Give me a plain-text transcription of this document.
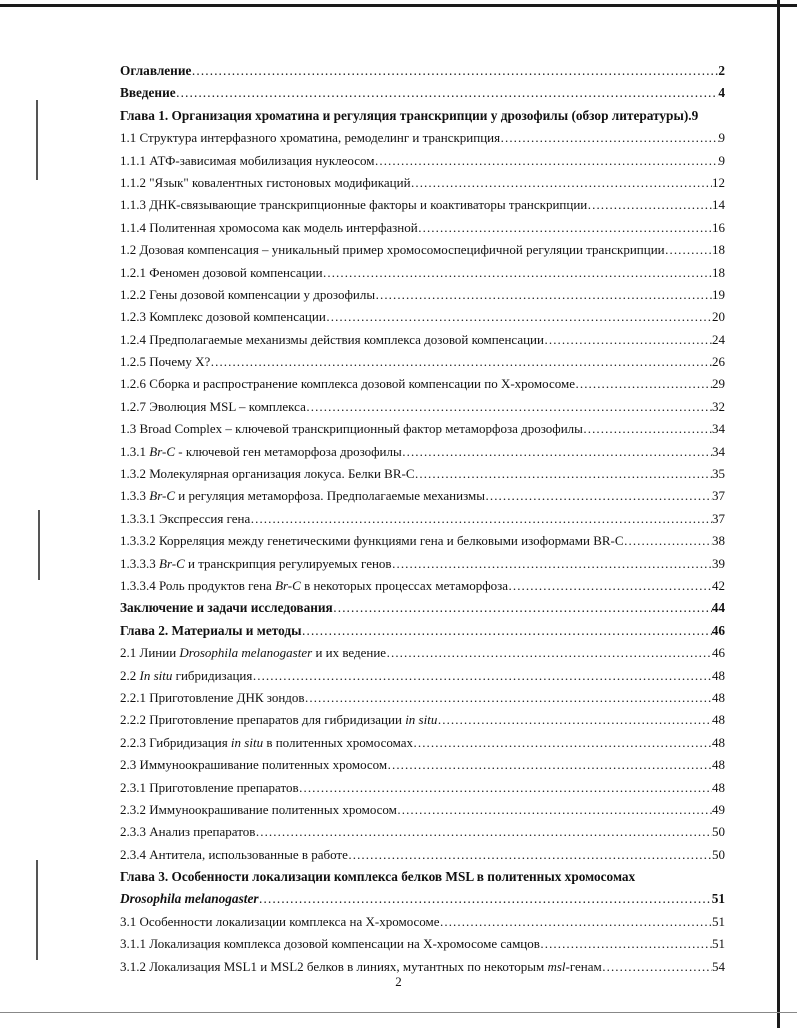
Оглавление ……………………………………………………………………………………………………………………………………………………………………………………………………………………………	2
Введение ……………………………………………………………………………………………………………………………………………………………………………………………………………………………	4
Глава 1. Организация хроматина и регуляция транскрипции у дрозофилы (обзор литературы). 9
1.1 Структура интерфазного хроматина, ремоделинг и транскрипция ……………………………………………………………………………………………………………………………………………………………………………………………………………………………	9
1.1.1 АТФ-зависимая мобилизация нуклеосом ……………………………………………………………………………………………………………………………………………………………………………………………………………………………	9
1.1.2 "Язык" ковалентных гистоновых модификаций ……………………………………………………………………………………………………………………………………………………………………………………………………………………………	12
1.1.3 ДНК-связывающие транскрипционные факторы и коактиваторы транскрипции ……………………………………………………………………………………………………………………………………………………………………………………………………………………………	14
1.1.4 Политенная хромосома как модель интерфазной ……………………………………………………………………………………………………………………………………………………………………………………………………………………………	16
1.2 Дозовая компенсация – уникальный пример хромосомоспецифичной регуляции транскрипции ……………………………………………………………………………………………………………………………………………………………………………………………………………………………	18
1.2.1 Феномен дозовой компенсации ……………………………………………………………………………………………………………………………………………………………………………………………………………………………	18
1.2.2 Гены дозовой компенсации у дрозофилы ……………………………………………………………………………………………………………………………………………………………………………………………………………………………	19
1.2.3 Комплекс дозовой компенсации ……………………………………………………………………………………………………………………………………………………………………………………………………………………………	20
1.2.4 Предполагаемые механизмы действия комплекса дозовой компенсации ……………………………………………………………………………………………………………………………………………………………………………………………………………………………	24
1.2.5 Почему X? ……………………………………………………………………………………………………………………………………………………………………………………………………………………………	26
1.2.6 Сборка и распространение комплекса дозовой компенсации по X-хромосоме ……………………………………………………………………………………………………………………………………………………………………………………………………………………………	29
1.2.7 Эволюция MSL – комплекса ……………………………………………………………………………………………………………………………………………………………………………………………………………………………	32
1.3 Broad Complex – ключевой транскрипционный фактор метаморфоза дрозофилы ……………………………………………………………………………………………………………………………………………………………………………………………………………………………	34
1.3.1 Br-C - ключевой ген метаморфоза дрозофилы ……………………………………………………………………………………………………………………………………………………………………………………………………………………………	34
1.3.2 Молекулярная организация локуса. Белки BR-C ……………………………………………………………………………………………………………………………………………………………………………………………………………………………	35
1.3.3 Br-C и регуляция метаморфоза. Предполагаемые механизмы ……………………………………………………………………………………………………………………………………………………………………………………………………………………………	37
1.3.3.1 Экспрессия гена ……………………………………………………………………………………………………………………………………………………………………………………………………………………………	37
1.3.3.2 Корреляция между генетическими функциями гена и белковыми изоформами BR-C ……………………………………………………………………………………………………………………………………………………………………………………………………………………………	38
1.3.3.3 Br-C и транскрипция регулируемых генов ……………………………………………………………………………………………………………………………………………………………………………………………………………………………	39
1.3.3.4 Роль продуктов гена Br-C в некоторых процессах метаморфоза ……………………………………………………………………………………………………………………………………………………………………………………………………………………………	42
Заключение и задачи исследования ……………………………………………………………………………………………………………………………………………………………………………………………………………………………	44
Глава 2. Материалы и методы ……………………………………………………………………………………………………………………………………………………………………………………………………………………………	46
2.1 Линии Drosophila melanogaster и их ведение ……………………………………………………………………………………………………………………………………………………………………………………………………………………………	46
2.2 In situ гибридизация ……………………………………………………………………………………………………………………………………………………………………………………………………………………………	48
2.2.1 Приготовление ДНК зондов ……………………………………………………………………………………………………………………………………………………………………………………………………………………………	48
2.2.2 Приготовление препаратов для гибридизации in situ ……………………………………………………………………………………………………………………………………………………………………………………………………………………………	48
2.2.3 Гибридизация in situ в политенных хромосомах ……………………………………………………………………………………………………………………………………………………………………………………………………………………………	48
2.3 Иммуноокрашивание политенных хромосом ……………………………………………………………………………………………………………………………………………………………………………………………………………………………	48
2.3.1 Приготовление препаратов ……………………………………………………………………………………………………………………………………………………………………………………………………………………………	48
2.3.2 Иммуноокрашивание политенных хромосом ……………………………………………………………………………………………………………………………………………………………………………………………………………………………	49
2.3.3 Анализ препаратов ……………………………………………………………………………………………………………………………………………………………………………………………………………………………	50
2.3.4 Антитела, использованные в работе ……………………………………………………………………………………………………………………………………………………………………………………………………………………………	50
Глава 3. Особенности локализации комплекса белков MSL в политенных хромосомах
Drosophila melanogaster ……………………………………………………………………………………………………………………………………………………………………………………………………………………………	51
3.1 Особенности локализации комплекса на X-хромосоме ……………………………………………………………………………………………………………………………………………………………………………………………………………………………	51
3.1.1 Локализация комплекса дозовой компенсации на X-хромосоме самцов ……………………………………………………………………………………………………………………………………………………………………………………………………………………………	51
3.1.2 Локализация MSL1 и MSL2 белков в линиях, мутантных по некоторым msl-генам ……………………………………………………………………………………………………………………………………………………………………………………………………………………………	54
2
